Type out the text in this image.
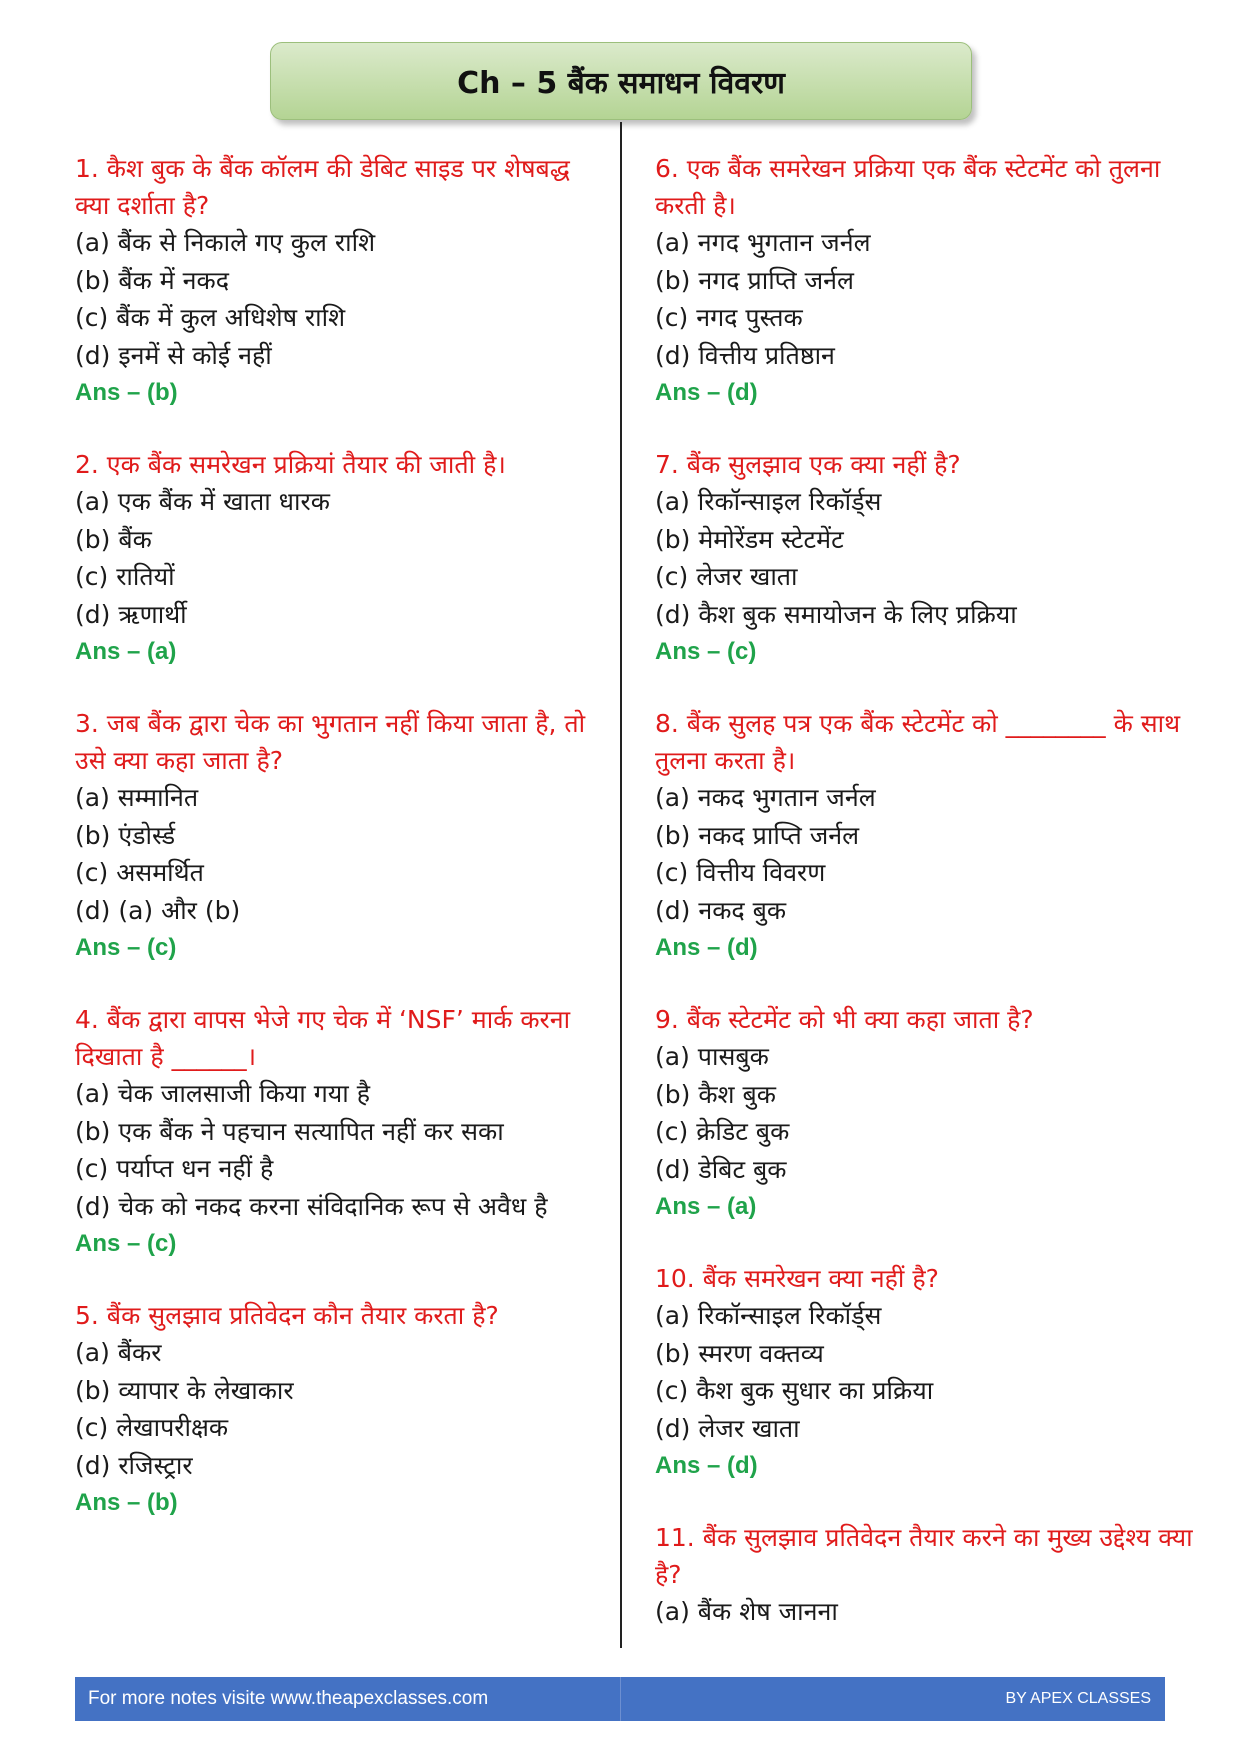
Ch – 5 बैंक समाधन विवरण

1. कैश बुक के बैंक कॉलम की डेबिट साइड पर शेषबद्ध क्या दर्शाता है?

(a) बैंक से निकाले गए कुल राशि

(b) बैंक में नकद

(c) बैंक में कुल अधिशेष राशि

(d) इनमें से कोई नहीं

Ans – (b)

2. एक बैंक समरेखन प्रक्रियां तैयार की जाती है।

(a) एक बैंक में खाता धारक

(b) बैंक

(c) रातियों

(d) ऋणार्थी

Ans – (a)

3. जब बैंक द्वारा चेक का भुगतान नहीं किया जाता है, तो उसे क्या कहा जाता है?

(a) सम्मानित

(b) एंडोर्स्ड

(c) असमर्थित

(d) (a) और (b)

Ans – (c)

4. बैंक द्वारा वापस भेजे गए चेक में ‘NSF’ मार्क करना दिखाता है ______।

(a) चेक जालसाजी किया गया है

(b) एक बैंक ने पहचान सत्यापित नहीं कर सका

(c) पर्याप्त धन नहीं है

(d) चेक को नकद करना संविदानिक रूप से अवैध है

Ans – (c)

5. बैंक सुलझाव प्रतिवेदन कौन तैयार करता है?

(a) बैंकर

(b) व्यापार के लेखाकार

(c) लेखापरीक्षक

(d) रजिस्ट्रार

Ans – (b)

6. एक बैंक समरेखन प्रक्रिया एक बैंक स्टेटमेंट को तुलना करती है।

(a) नगद भुगतान जर्नल

(b) नगद प्राप्ति जर्नल

(c) नगद पुस्तक

(d) वित्तीय प्रतिष्ठान

Ans – (d)

7. बैंक सुलझाव एक क्या नहीं है?

(a) रिकॉन्साइल रिकॉर्ड्स

(b) मेमोरेंडम स्टेटमेंट

(c) लेजर खाता

(d) कैश बुक समायोजन के लिए प्रक्रिया

Ans – (c)

8. बैंक सुलह पत्र एक बैंक स्टेटमेंट को ________ के साथ तुलना करता है।

(a) नकद भुगतान जर्नल

(b) नकद प्राप्ति जर्नल

(c) वित्तीय विवरण

(d) नकद बुक

Ans – (d)

9. बैंक स्टेटमेंट को भी क्या कहा जाता है?

(a) पासबुक

(b) कैश बुक

(c) क्रेडिट बुक

(d) डेबिट बुक

Ans – (a)

10. बैंक समरेखन क्या नहीं है?

(a) रिकॉन्साइल रिकॉर्ड्स

(b) स्मरण वक्तव्य

(c) कैश बुक सुधार का प्रक्रिया

(d) लेजर खाता

Ans – (d)

11. बैंक सुलझाव प्रतिवेदन तैयार करने का मुख्य उद्देश्य क्या है?

(a) बैंक शेष जानना

For more notes visite www.theapexclasses.com	BY APEX CLASSES
